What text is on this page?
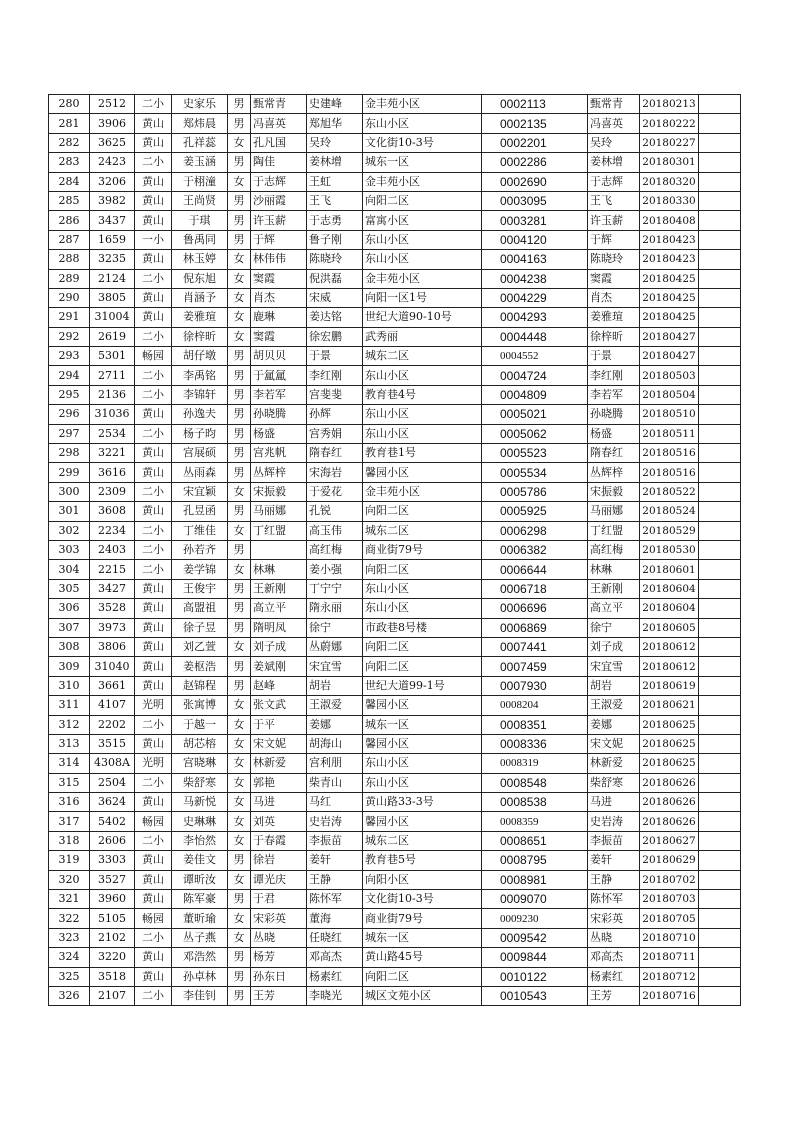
280	2512	二小	史家乐	男	甄常青	史建峰	金丰苑小区	0002113	甄常青	20180213	
281	3906	黄山	郑炜晨	男	冯喜英	郑旭华	东山小区	0002135	冯喜英	20180222	
282	3625	黄山	孔祥蕊	女	孔凡国	吴玲	文化街10-3号	0002201	吴玲	20180227	
283	2423	二小	姜玉涵	男	陶佳	姜林增	城东一区	0002286	姜林增	20180301	
284	3206	黄山	于栩潼	女	于志辉	王虹	金丰苑小区	0002690	于志辉	20180320	
285	3982	黄山	王尚贤	男	沙丽霞	王飞	向阳二区	0003095	王飞	20180330	
286	3437	黄山	于琪	男	许玉薪	于志勇	富寓小区	0003281	许玉薪	20180408	
287	1659	一小	鲁禹同	男	于辉	鲁子刚	东山小区	0004120	于辉	20180423	
288	3235	黄山	林玉婷	女	林伟伟	陈晓玲	东山小区	0004163	陈晓玲	20180423	
289	2124	二小	倪东旭	女	窦霞	倪洪磊	金丰苑小区	0004238	窦霞	20180425	
290	3805	黄山	肖涵予	女	肖杰	宋威	向阳一区1号	0004229	肖杰	20180425	
291	31004	黄山	姜雅瑄	女	鹿琳	姜达铭	世纪大道90-10号	0004293	姜雅瑄	20180425	
292	2619	二小	徐梓昕	女	窦霞	徐宏鹏	武秀丽	0004448	徐梓昕	20180427	
293	5301	畅园	胡仔墩	男	胡贝贝	于景	城东二区	0004552	于景	20180427	
294	2711	二小	李禹铭	男	于氲氲	李红刚	东山小区	0004724	李红刚	20180503	
295	2136	二小	李锦轩	男	李若军	宫斐斐	教育巷4号	0004809	李若军	20180504	
296	31036	黄山	孙逸夫	男	孙晓腾	孙辉	东山小区	0005021	孙晓腾	20180510	
297	2534	二小	杨子昀	男	杨盛	宫秀娟	东山小区	0005062	杨盛	20180511	
298	3221	黄山	宫展硕	男	宫兆帆	隋春红	教育巷1号	0005523	隋春红	20180516	
299	3616	黄山	丛雨森	男	丛辉梓	宋海岩	馨园小区	0005534	丛辉梓	20180516	
300	2309	二小	宋宜颖	女	宋振毅	于爱花	金丰苑小区	0005786	宋振毅	20180522	
301	3608	黄山	孔昱函	男	马丽娜	孔锐	向阳二区	0005925	马丽娜	20180524	
302	2234	二小	丁维佳	女	丁红盟	高玉伟	城东二区	0006298	丁红盟	20180529	
303	2403	二小	孙若齐	男		高红梅	商业街79号	0006382	高红梅	20180530	
304	2215	二小	姜学锦	女	林琳	姜小强	向阳二区	0006644	林琳	20180601	
305	3427	黄山	王俊宇	男	王新刚	丁宁宁	东山小区	0006718	王新刚	20180604	
306	3528	黄山	高盟祖	男	高立平	隋永丽	东山小区	0006696	高立平	20180604	
307	3973	黄山	徐子昱	男	隋明凤	徐宁	市政巷8号楼	0006869	徐宁	20180605	
308	3806	黄山	刘乙萱	女	刘子成	丛蔚娜	向阳二区	0007441	刘子成	20180612	
309	31040	黄山	姜枢浩	男	姜斌刚	宋宜雪	向阳二区	0007459	宋宜雪	20180612	
310	3661	黄山	赵锦程	男	赵峰	胡岩	世纪大道99-1号	0007930	胡岩	20180619	
311	4107	光明	张寓博	女	张文武	王淑爱	馨园小区	0008204	王淑爱	20180621	
312	2202	二小	于越一	女	于平	姜娜	城东一区	0008351	姜娜	20180625	
313	3515	黄山	胡芯榕	女	宋文妮	胡海山	馨园小区	0008336	宋文妮	20180625	
314	4308A	光明	宫晓琳	女	林新爱	宫利朋	东山小区	0008319	林新爱	20180625	
315	2504	二小	柴舒寒	女	郭艳	柴青山	东山小区	0008548	柴舒寒	20180626	
316	3624	黄山	马新悦	女	马进	马红	黄山路33-3号	0008538	马进	20180626	
317	5402	畅园	史琳琳	女	刘英	史岩涛	馨园小区	0008359	史岩涛	20180626	
318	2606	二小	李怡然	女	于春霞	李振苗	城东二区	0008651	李振苗	20180627	
319	3303	黄山	姜佳文	男	徐岩	姜轩	教育巷5号	0008795	姜轩	20180629	
320	3527	黄山	谭昕汝	女	谭光庆	王静	向阳小区	0008981	王静	20180702	
321	3960	黄山	陈军豪	男	于君	陈怀军	文化街10-3号	0009070	陈怀军	20180703	
322	5105	畅园	董昕瑜	女	宋彩英	董海	商业街79号	0009230	宋彩英	20180705	
323	2102	二小	丛子燕	女	丛晓	任晓红	城东一区	0009542	丛晓	20180710	
324	3220	黄山	邓浩然	男	杨芳	邓高杰	黄山路45号	0009844	邓高杰	20180711	
325	3518	黄山	孙卓林	男	孙东日	杨素红	向阳二区	0010122	杨素红	20180712	
326	2107	二小	李佳钊	男	王芳	李晓光	城区文苑小区	0010543	王芳	20180716	
